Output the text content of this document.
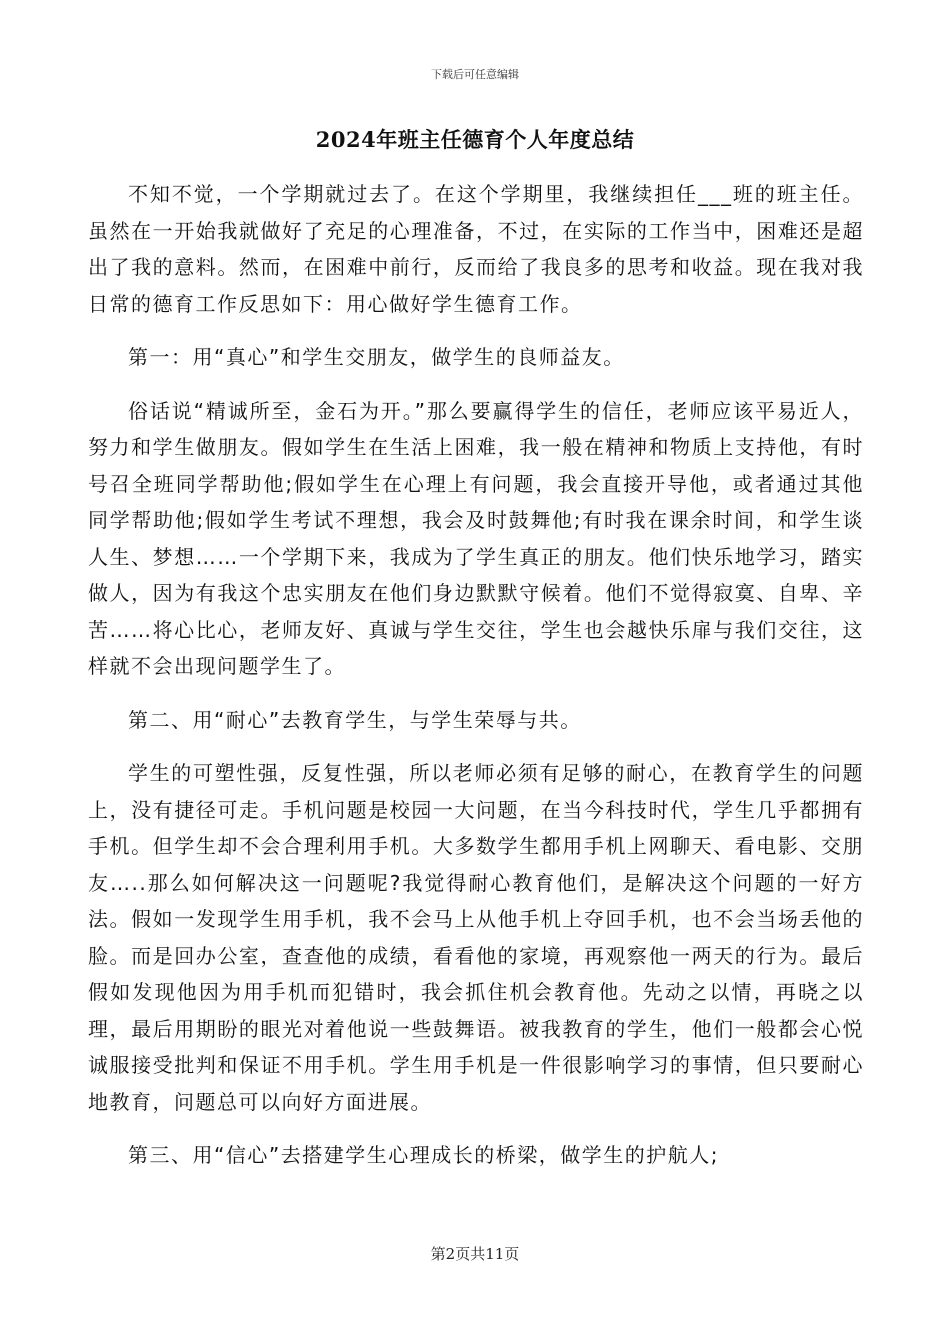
下载后可任意编辑
2024年班主任德育个人年度总结

不知不觉，一个学期就过去了。在这个学期里，我继续担任___班的班主任。虽然在一开始我就做好了充足的心理准备，不过，在实际的工作当中，困难还是超出了我的意料。然而，在困难中前行，反而给了我良多的思考和收益。现在我对我日常的德育工作反思如下：用心做好学生德育工作。

第一：用“真心”和学生交朋友，做学生的良师益友。

俗话说“精诚所至，金石为开。”那么要赢得学生的信任，老师应该平易近人，努力和学生做朋友。假如学生在生活上困难，我一般在精神和物质上支持他，有时号召全班同学帮助他;假如学生在心理上有问题，我会直接开导他，或者通过其他同学帮助他;假如学生考试不理想，我会及时鼓舞他;有时我在课余时间，和学生谈人生、梦想……一个学期下来，我成为了学生真正的朋友。他们快乐地学习，踏实做人，因为有我这个忠实朋友在他们身边默默守候着。他们不觉得寂寞、自卑、辛苦……将心比心，老师友好、真诚与学生交往，学生也会越快乐扉与我们交往，这样就不会出现问题学生了。

第二、用“耐心”去教育学生，与学生荣辱与共。

学生的可塑性强，反复性强，所以老师必须有足够的耐心，在教育学生的问题上，没有捷径可走。手机问题是校园一大问题，在当今科技时代，学生几乎都拥有手机。但学生却不会合理利用手机。大多数学生都用手机上网聊天、看电影、交朋友…..那么如何解决这一问题呢?我觉得耐心教育他们，是解决这个问题的一好方法。假如一发现学生用手机，我不会马上从他手机上夺回手机，也不会当场丢他的脸。而是回办公室，查查他的成绩，看看他的家境，再观察他一两天的行为。最后假如发现他因为用手机而犯错时，我会抓住机会教育他。先动之以情，再晓之以理，最后用期盼的眼光对着他说一些鼓舞语。被我教育的学生，他们一般都会心悦诚服接受批判和保证不用手机。学生用手机是一件很影响学习的事情，但只要耐心地教育，问题总可以向好方面进展。

第三、用“信心”去搭建学生心理成长的桥梁，做学生的护航人;

第2页共11页
